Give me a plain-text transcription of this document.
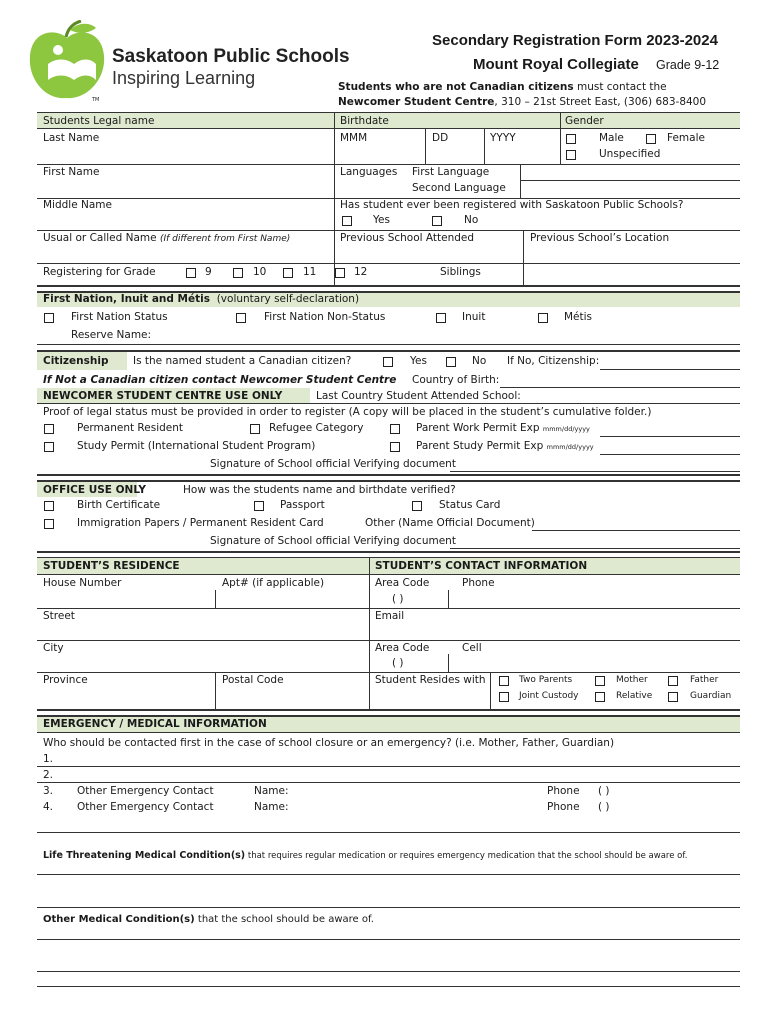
Saskatoon Public Schools
Inspiring Learning
TM
Secondary Registration Form 2023-2024
Mount Royal Collegiate Grade 9-12
Students who are not Canadian citizens must contact the
Newcomer Student Centre, 310 – 21st Street East, (306) 683-8400
Students Legal name	Birthdate	Gender
Last Name	MMM	DD	YYYY	Male	Female
Unspecified
First Name	Languages First Language
Second Language
Middle Name	Has student ever been registered with Saskatoon Public Schools?
Yes	No
Usual or Called Name (If different from First Name)	Previous School Attended	Previous School’s Location
Registering for Grade	9	10	11	12	Siblings
First Nation, Inuit and Métis (voluntary self-declaration)
First Nation Status	First Nation Non-Status	Inuit	Métis
Reserve Name:
Citizenship Is the named student a Canadian citizen?	Yes	No If No, Citizenship:
If Not a Canadian citizen contact Newcomer Student Centre Country of Birth:
NEWCOMER STUDENT CENTRE USE ONLY	Last Country Student Attended School:
Proof of legal status must be provided in order to register (A copy will be placed in the student’s cumulative folder.)
Permanent Resident	Refugee Category	Parent Work Permit Exp mmm/dd/yyyy
Study Permit (International Student Program)	Parent Study Permit Exp mmm/dd/yyyy
Signature of School official Verifying document
OFFICE USE ONLY	How was the students name and birthdate verified?
Birth Certificate	Passport	Status Card
Immigration Papers / Permanent Resident Card	Other (Name Official Document)
Signature of School official Verifying document
STUDENT’S RESIDENCE	STUDENT’S CONTACT INFORMATION
House Number	Apt# (if applicable)	Area Code	Phone
( )
Street	Email
City	Area Code	Cell
( )
Province	Postal Code	Student Resides with	Two Parents	Mother	Father
Joint Custody	Relative	Guardian
EMERGENCY / MEDICAL INFORMATION
Who should be contacted first in the case of school closure or an emergency? (i.e. Mother, Father, Guardian)
1.
2.
3. Other Emergency Contact	Name:	Phone ( )
4. Other Emergency Contact	Name:	Phone ( )
Life Threatening Medical Condition(s) that requires regular medication or requires emergency medication that the school should be aware of.
Other Medical Condition(s) that the school should be aware of.
